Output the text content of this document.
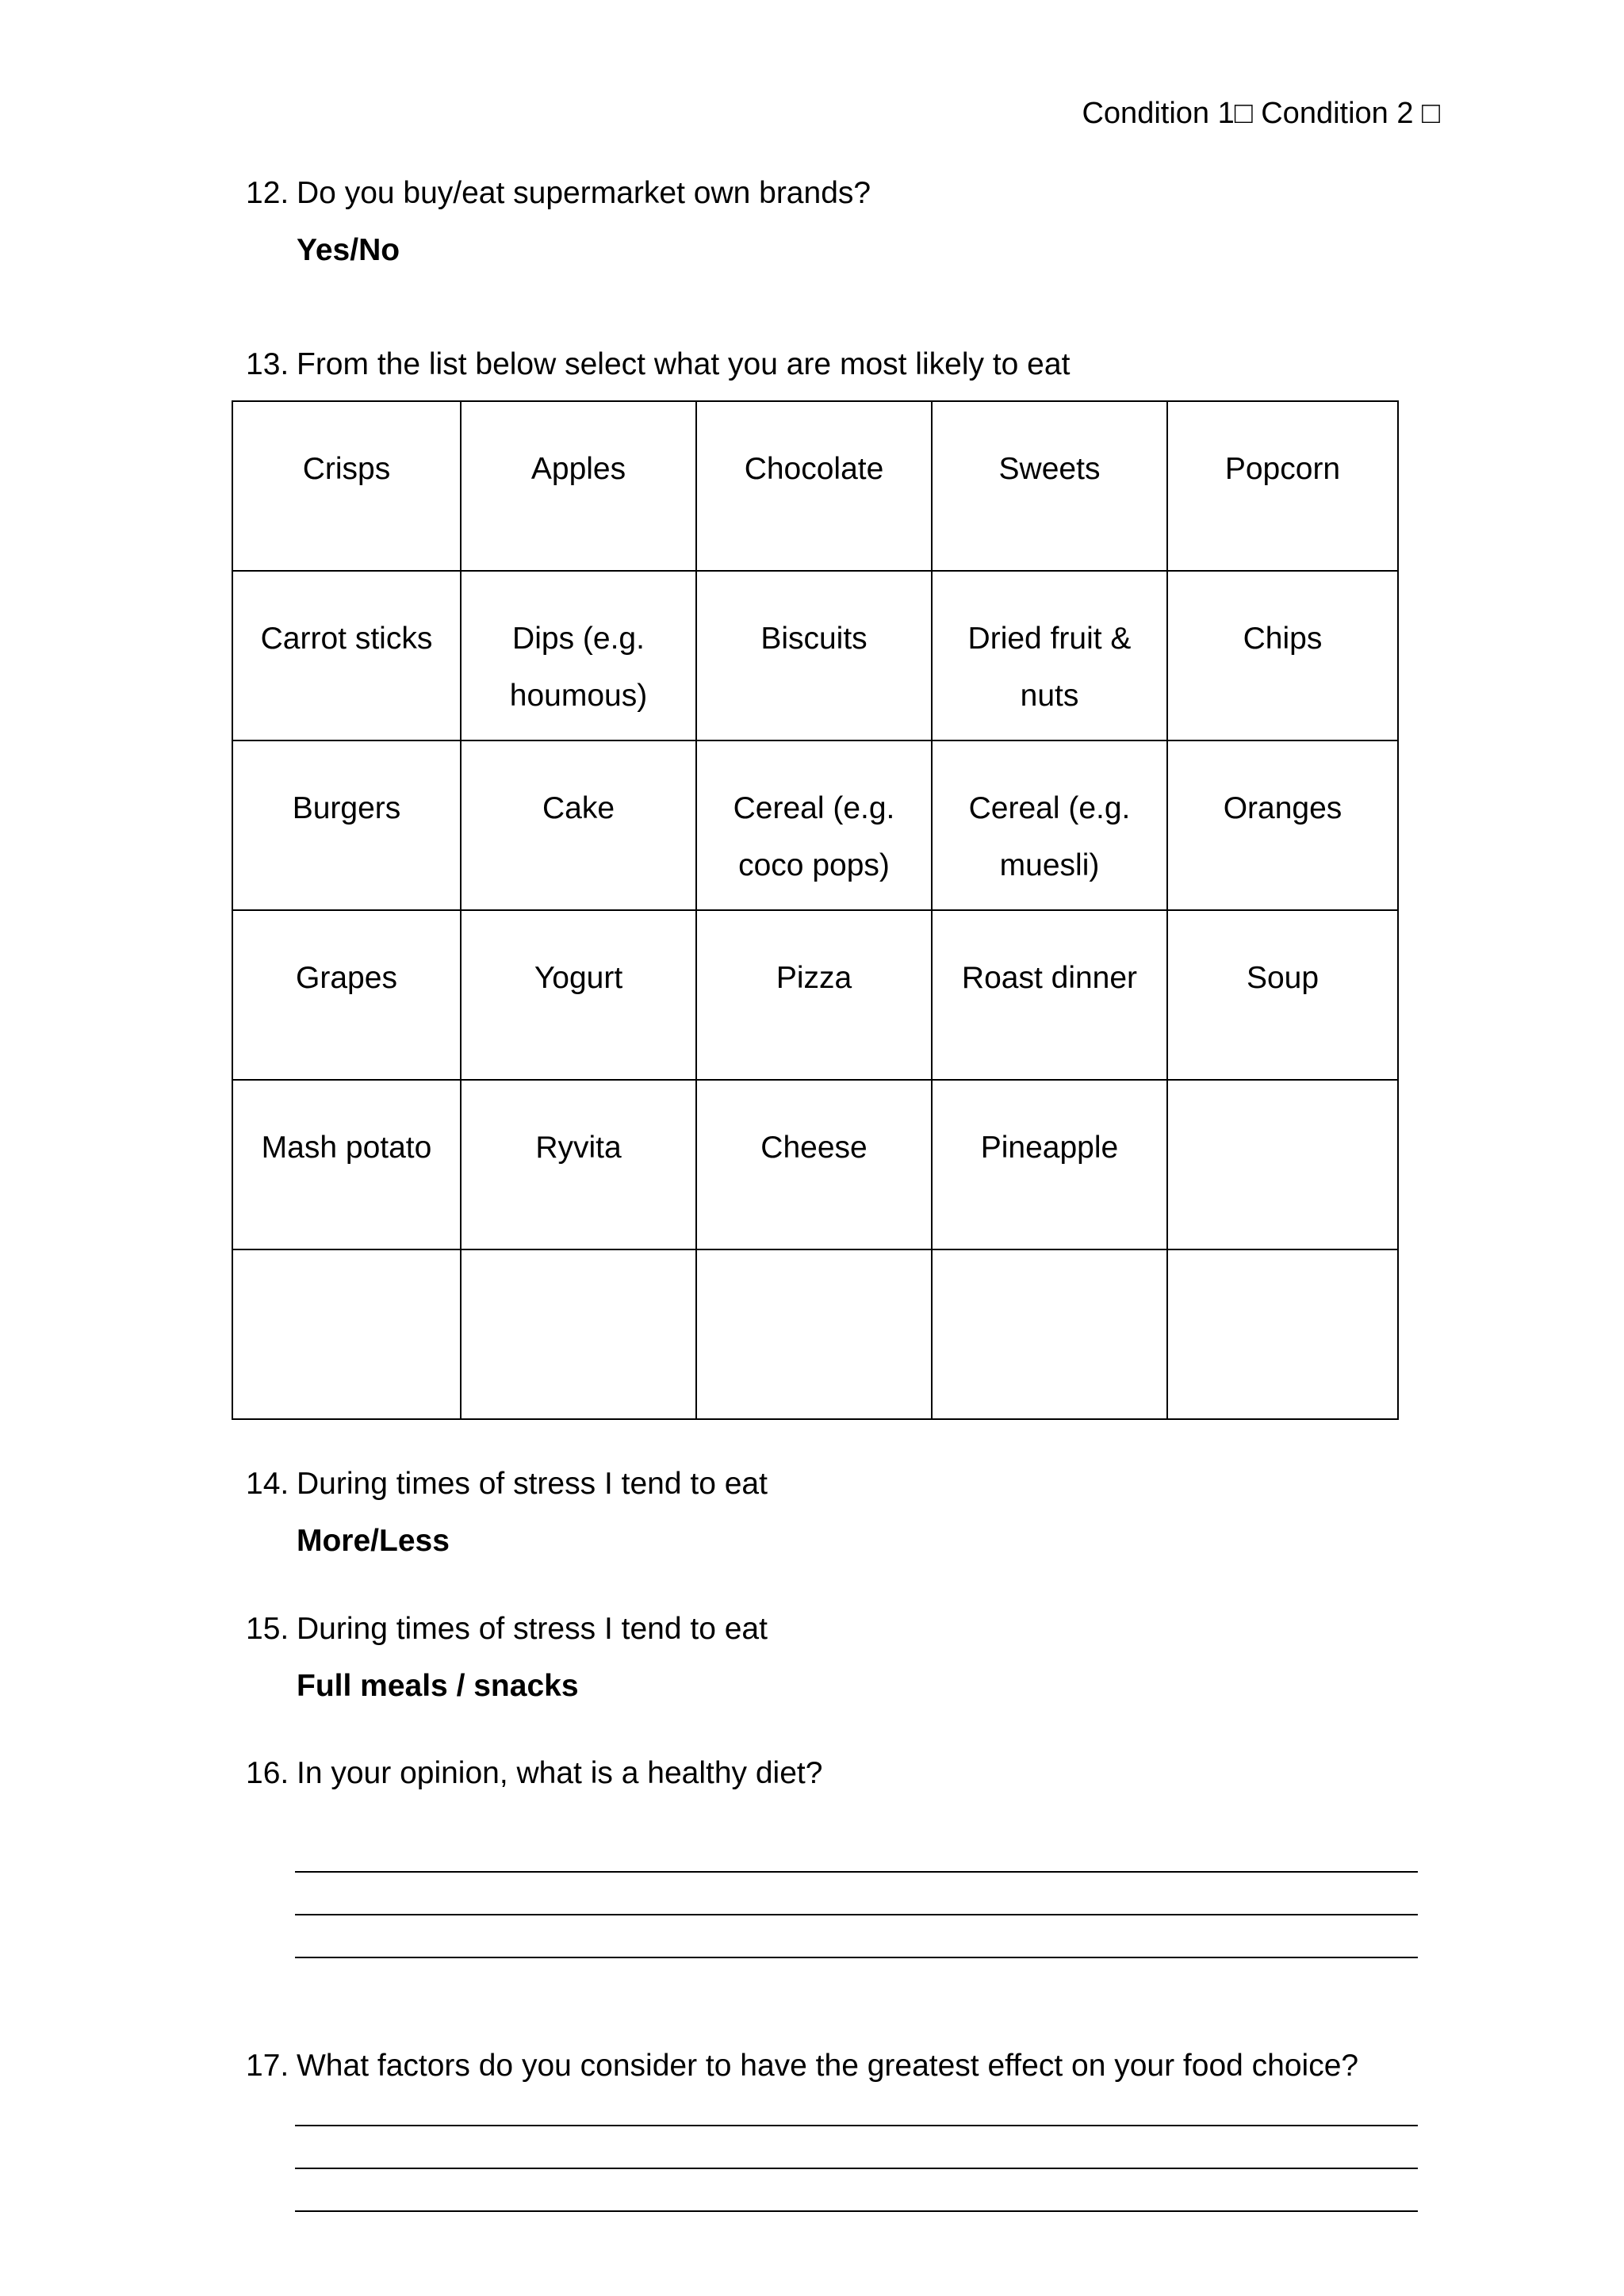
Condition 1□ Condition 2 □
12. Do you buy/eat supermarket own brands?
Yes/No
13. From the list below select what you are most likely to eat
Crisps	Apples	Chocolate	Sweets	Popcorn
Carrot sticks	Dips (e.g. houmous)	Biscuits	Dried fruit & nuts	Chips
Burgers	Cake	Cereal (e.g. coco pops)	Cereal (e.g. muesli)	Oranges
Grapes	Yogurt	Pizza	Roast dinner	Soup
Mash potato	Ryvita	Cheese	Pineapple	

14. During times of stress I tend to eat
More/Less
15. During times of stress I tend to eat
Full meals / snacks
16. In your opinion, what is a healthy diet?
17. What factors do you consider to have the greatest effect on your food choice?
